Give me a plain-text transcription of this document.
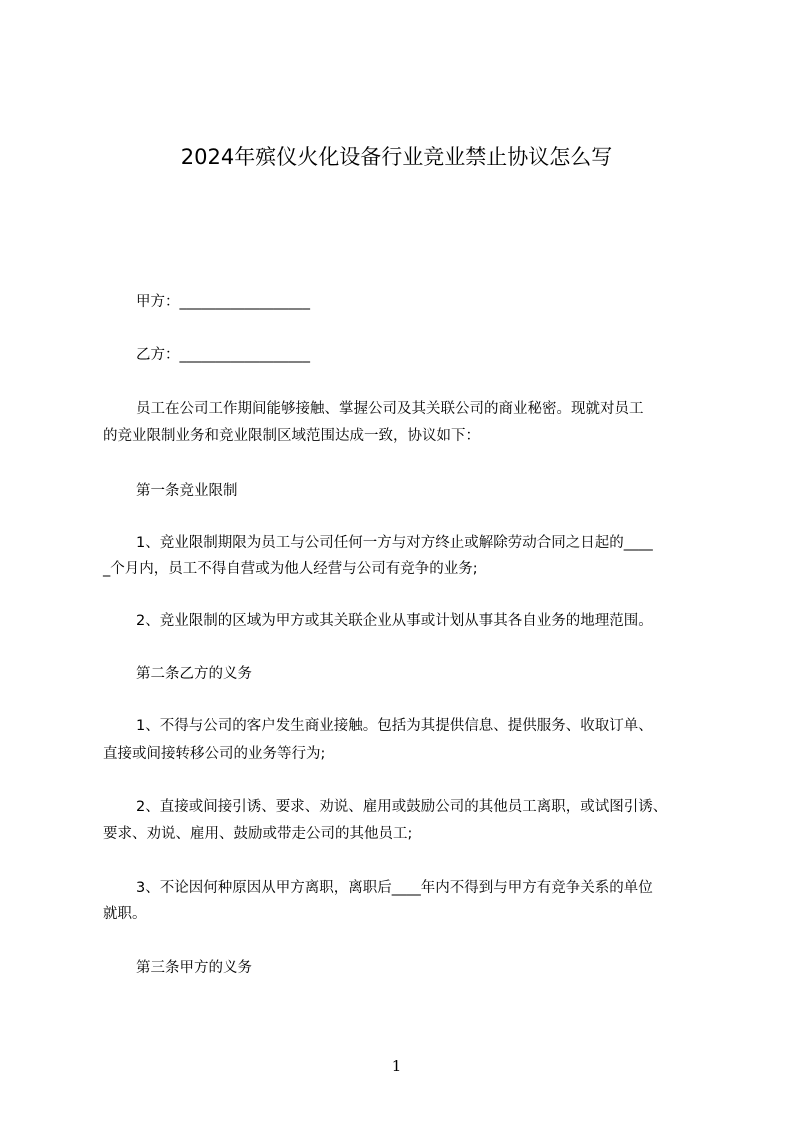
2024年殡仪火化设备行业竞业禁止协议怎么写
甲方：__________________
乙方：__________________
员工在公司工作期间能够接触、掌握公司及其关联公司的商业秘密。现就对员工
的竞业限制业务和竞业限制区域范围达成一致，协议如下：
第一条竞业限制
1、竞业限制期限为员工与公司任何一方与对方终止或解除劳动合同之日起的____
_个月内，员工不得自营或为他人经营与公司有竞争的业务;
2、竞业限制的区域为甲方或其关联企业从事或计划从事其各自业务的地理范围。
第二条乙方的义务
1、不得与公司的客户发生商业接触。包括为其提供信息、提供服务、收取订单、
直接或间接转移公司的业务等行为;
2、直接或间接引诱、要求、劝说、雇用或鼓励公司的其他员工离职，或试图引诱、
要求、劝说、雇用、鼓励或带走公司的其他员工;
3、不论因何种原因从甲方离职，离职后____年内不得到与甲方有竞争关系的单位
就职。
第三条甲方的义务
1
